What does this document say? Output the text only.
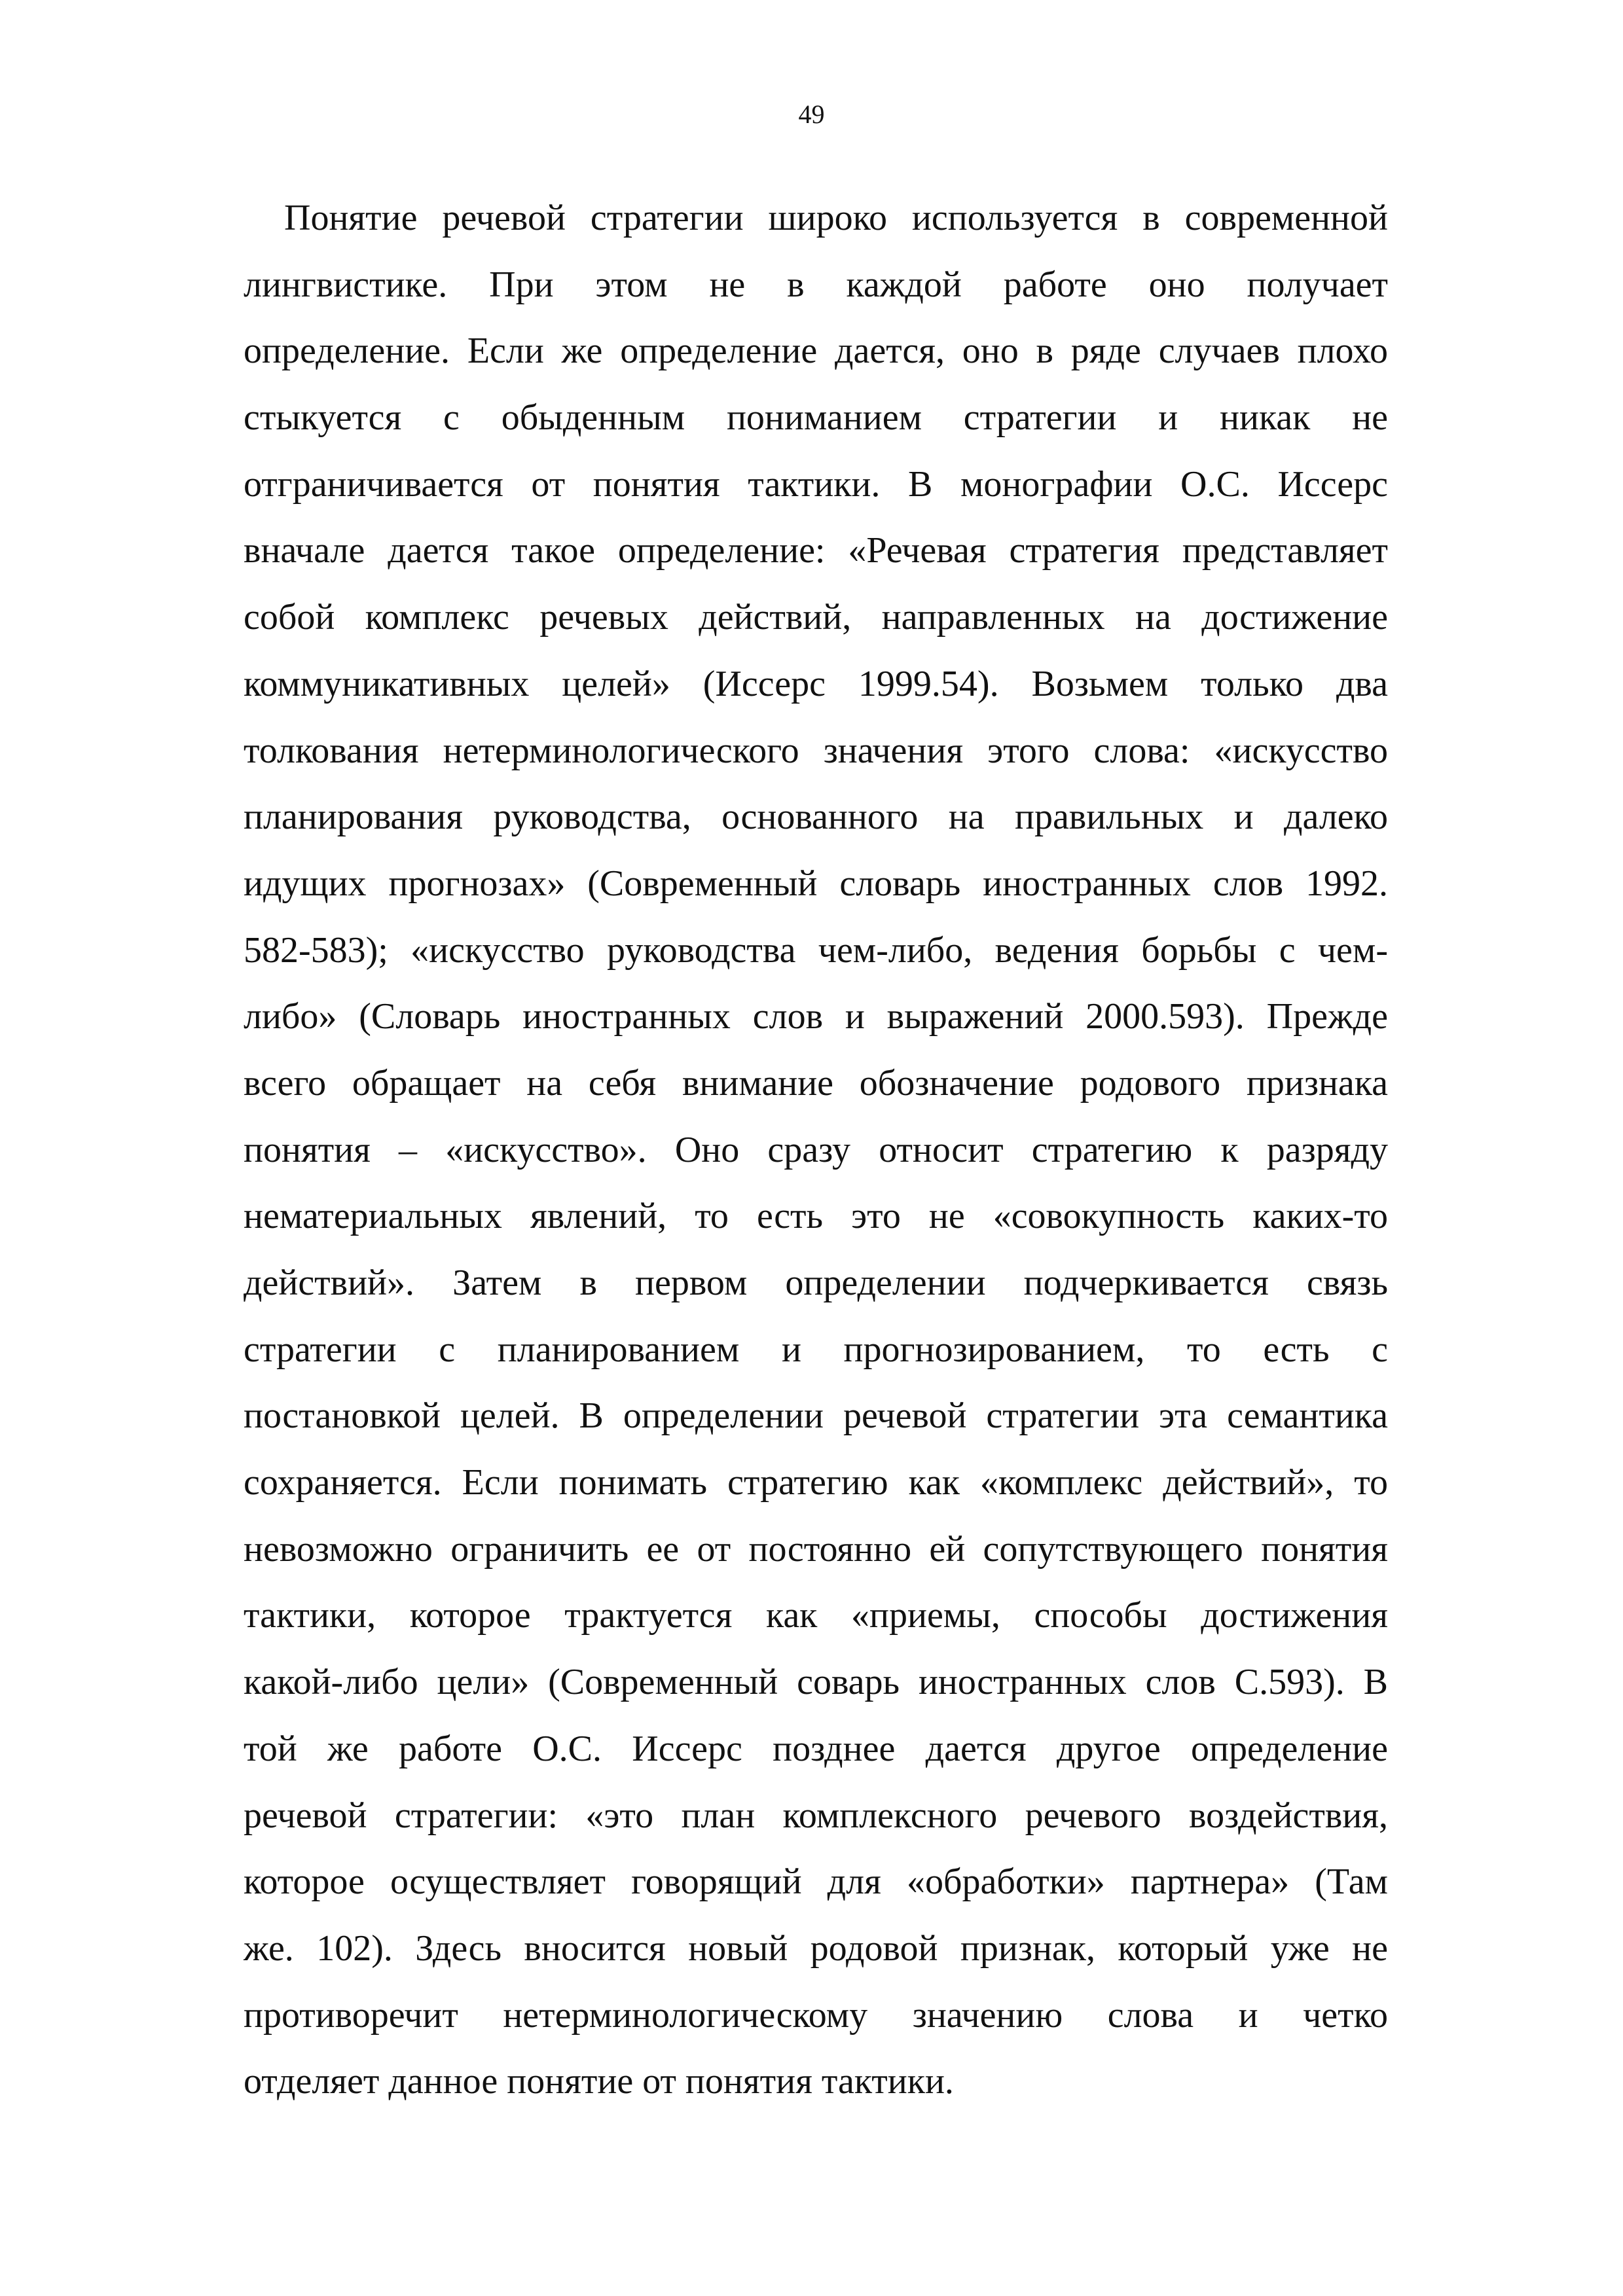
49
Понятие речевой стратегии широко используется в современной
лингвистике. При этом не в каждой работе оно получает
определение. Если же определение дается, оно в ряде случаев плохо
стыкуется с обыденным пониманием стратегии и никак не
отграничивается от понятия тактики. В монографии О.С. Иссерс
вначале дается такое определение: «Речевая стратегия представляет
собой комплекс речевых действий, направленных на достижение
коммуникативных целей» (Иссерс 1999.54). Возьмем только два
толкования нетерминологического значения этого слова: «искусство
планирования руководства, основанного на правильных и далеко
идущих прогнозах» (Современный словарь иностранных слов 1992.
582-583); «искусство руководства чем-либо, ведения борьбы с чем-
либо» (Словарь иностранных слов и выражений 2000.593). Прежде
всего обращает на себя внимание обозначение родового признака
понятия – «искусство». Оно сразу относит стратегию к разряду
нематериальных явлений, то есть это не «совокупность каких-то
действий». Затем в первом определении подчеркивается связь
стратегии с планированием и прогнозированием, то есть с
постановкой целей. В определении речевой стратегии эта семантика
сохраняется. Если понимать стратегию как «комплекс действий», то
невозможно ограничить ее от постоянно ей сопутствующего понятия
тактики, которое трактуется как «приемы, способы достижения
какой-либо цели» (Современный соварь иностранных слов С.593). В
той же работе О.С. Иссерс позднее дается другое определение
речевой стратегии: «это план комплексного речевого воздействия,
которое осуществляет говорящий для «обработки» партнера» (Там
же. 102). Здесь вносится новый родовой признак, который уже не
противоречит нетерминологическому значению слова и четко
отделяет данное понятие от понятия тактики.
